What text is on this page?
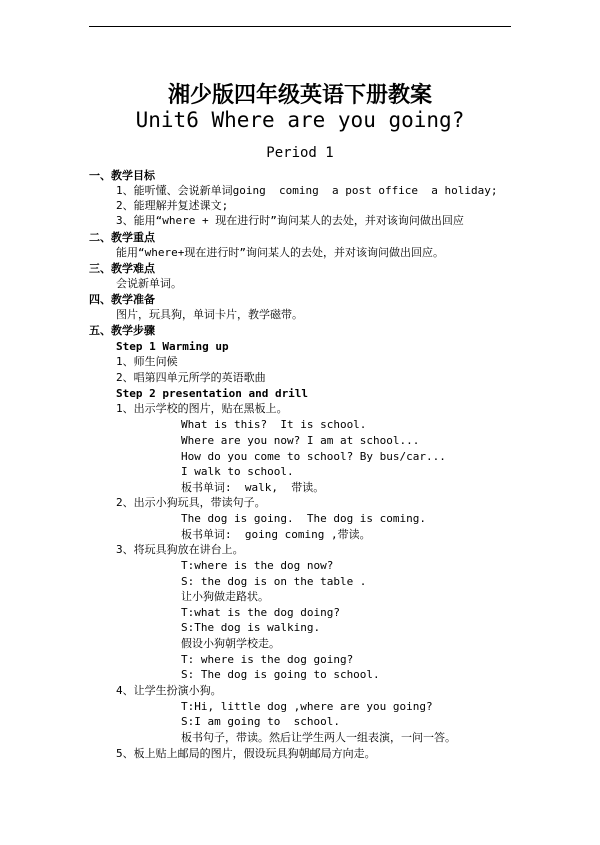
湘少版四年级英语下册教案
Unit6 Where are you going?
Period 1
一、教学目标
1、能听懂、会说新单词going  coming  a post office  a holiday;
2、能理解并复述课文;
3、能用“where + 现在进行时”询问某人的去处，并对该询问做出回应
二、教学重点
能用“where+现在进行时”询问某人的去处，并对该询问做出回应。
三、教学难点
会说新单词。
四、教学准备
图片，玩具狗，单词卡片，教学磁带。
五、教学步骤
Step 1 Warming up
1、师生问候
2、唱第四单元所学的英语歌曲
Step 2 presentation and drill
1、出示学校的图片，贴在黑板上。
What is this?  It is school.
Where are you now? I am at school...
How do you come to school? By bus/car...
I walk to school.
板书单词:  walk,  带读。
2、出示小狗玩具，带读句子。
The dog is going.  The dog is coming.
板书单词:  going coming ,带读。
3、将玩具狗放在讲台上。
T:where is the dog now?
S: the dog is on the table .
让小狗做走路状。
T:what is the dog doing?
S:The dog is walking.
假设小狗朝学校走。
T: where is the dog going?
S: The dog is going to school.
4、让学生扮演小狗。
T:Hi, little dog ,where are you going?
S:I am going to  school.
板书句子，带读。然后让学生两人一组表演，一问一答。
5、板上贴上邮局的图片，假设玩具狗朝邮局方向走。
